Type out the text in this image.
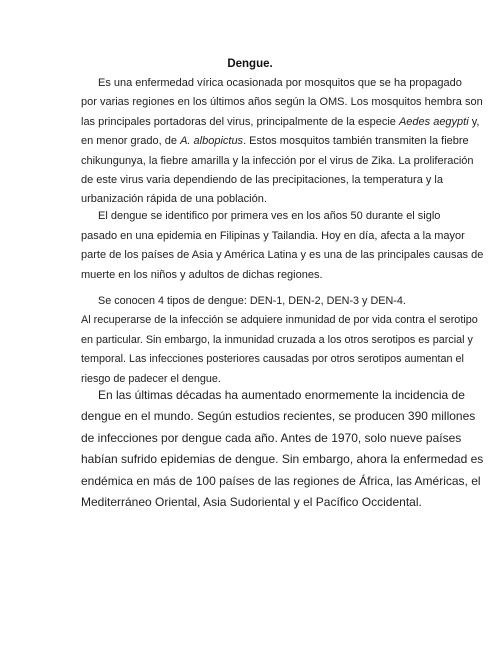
Dengue.

Es una enfermedad vírica ocasionada por mosquitos que se ha propagado
por varias regiones en los últimos años según la OMS. Los mosquitos hembra son
las principales portadoras del virus, principalmente de la especie Aedes aegypti y,
en menor grado, de A. albopictus. Estos mosquitos también transmiten la fiebre
chikungunya, la fiebre amarilla y la infección por el virus de Zika. La proliferación
de este virus varia dependiendo de las precipitaciones, la temperatura y la
urbanización rápida de una población.

El dengue se identifico por primera ves en los años 50 durante el siglo
pasado en una epidemia en Filipinas y Tailandia. Hoy en día, afecta a la mayor
parte de los países de Asia y América Latina y es una de las principales causas de
muerte en los niños y adultos de dichas regiones.

Se conocen 4 tipos de dengue: DEN-1, DEN-2, DEN-3 y DEN-4.
Al recuperarse de la infección se adquiere inmunidad de por vida contra el serotipo
en particular. Sin embargo, la inmunidad cruzada a los otros serotipos es parcial y
temporal. Las infecciones posteriores causadas por otros serotipos aumentan el
riesgo de padecer el dengue.

En las últimas décadas ha aumentado enormemente la incidencia de
dengue en el mundo. Según estudios recientes, se producen 390 millones
de infecciones por dengue cada año. Antes de 1970, solo nueve países
habían sufrido epidemias de dengue. Sin embargo, ahora la enfermedad es
endémica en más de 100 países de las regiones de África, las Américas, el
Mediterráneo Oriental, Asia Sudoriental y el Pacífico Occidental.
